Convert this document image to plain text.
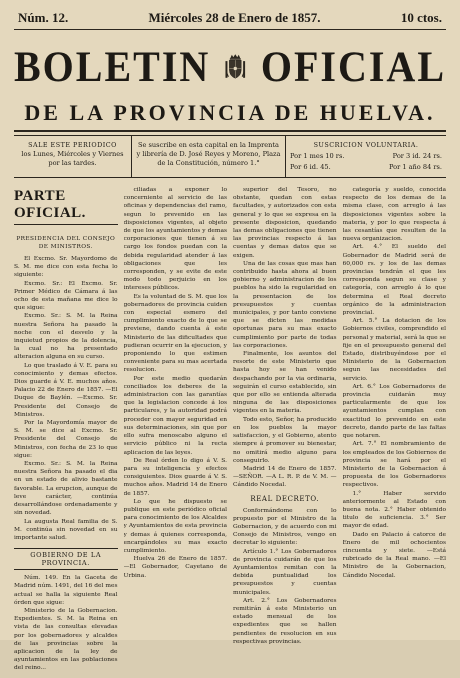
Núm. 12.	Miércoles 28 de Enero de 1857.	10 ctos.
BOLETIN OFICIAL
DE LA PROVINCIA DE HUELVA.
SALE ESTE PERIODICO
los Lunes, Miércoles y Viernes por las tardes.
Se suscribe en esta capital en la Imprenta y librería de D. José Reyes y Moreno, Plaza de la Constitución, número 1.°
SUSCRICION VOLUNTARIA.
Por 1 mes 10 rs.	Por 3 id. 24 rs.
Por 6 id. 45.	Por 1 año 84 rs.
PARTE OFICIAL.
PRESIDENCIA DEL CONSEJO DE MINISTROS.

El Excmo. Sr. Mayordomo de S. M. me dice con esta fecha lo siguiente:

Excmo. Sr.: El Excmo. Sr. Primer Médico de Cámara á las ocho de esta mañana me dice lo que sigue:

Excmo. Sr.: S. M. la Reina nuestra Señora ha pasado la noche con el desvelo y la inquietud propios de la dolencia, la cual no ha presentado alteracion alguna en su curso.

Lo que traslado á V. E. para su conocimiento y demas efectos. Dios guarde á V. E. muchos años. Palacio 22 de Enero de 1857. —El Duque de Baylén. —Excmo. Sr. Presidente del Consejo de Ministros.

Por la Mayordomía mayor de S. M. se dice al Excmo. Sr. Presidente del Consejo de Ministros, con fecha de 23 lo que sigue:

Excmo. Sr.: S. M. la Reina nuestra Señora ha pasado el dia en un estado de alivio bastante favorable. La erupcion, aunque de leve carácter, continúa desarrollándose ordenadamente y sin novedad.

La augusta Real familia de S. M. continúa sin novedad en su importante salud.

GOBIERNO DE LA PROVINCIA.

Núm. 149. En la Gaceta de Madrid núm. 1491, del 16 del mes actual se halla la siguiente Real órden que sigue:

Ministerio de la Gobernacion. Expedientes. S. M. la Reina en vista de las consultas elevadas por los gobernadores y alcaldes de las provincias sobre la aplicacion de la ley de ayuntamientos en las poblaciones del reino...

ciliadas a exponer lo concerniente al servicio de las oficinas y dependencias del ramo, segun lo prevenido en las disposiciones vigentes, al objeto de que los ayuntamientos y demas corporaciones que tienen á su cargo los fondos puedan con la debida regularidad atender á las obligaciones que les corresponden, y se evite de este modo todo perjuicio en los intereses públicos.

Es la voluntad de S. M. que los gobernadores de provincia cuiden con especial esmero del cumplimiento exacto de lo que se previene, dando cuenta á este Ministerio de las dificultades que pudieran ocurrir en la ejecucion, y proponiendo lo que estimen conveniente para su mas acertada resolucion.

Por este medio quedarán conciliados los deberes de la administracion con las garantías que la legislacion concede á los particulares, y la autoridad podrá proceder con mayor seguridad en sus determinaciones, sin que por ello sufra menoscabo alguno el servicio público ni la recta aplicacion de las leyes.

De Real órden lo digo á V. S. para su inteligencia y efectos consiguientes. Dios guarde á V. S. muchos años. Madrid 14 de Enero de 1857.

Lo que he dispuesto se publique en este periódico oficial para conocimiento de los Alcaldes y Ayuntamientos de esta provincia y demas á quienes corresponda, encargándoles su mas exacto cumplimiento.

Huelva 26 de Enero de 1857. —El Gobernador, Cayetano de Urbina.

superior del Tesoro, no obstante, quedan con estas facultades, y autorizados con esta general y lo que se expresa en la presente disposicion, quedando las demas obligaciones que tienen las provincias respecto á las cuentas y demas datos que se exigen.

Una de las cosas que mas han contribuido hasta ahora al buen gobierno y administracion de los pueblos ha sido la regularidad en la presentacion de los presupuestos y cuentas municipales, y por tanto conviene que se dicten las medidas oportunas para su mas exacto cumplimiento por parte de todas las corporaciones.

Finalmente, los asuntos del resorte de este Ministerio que hasta hoy se han venido despachando por la via ordinaria, seguirán el curso establecido, sin que por ello se entienda alterada ninguna de las disposiciones vigentes en la materia.

Todo esto, Señor, ha producido en los pueblos la mayor satisfaccion, y el Gobierno, atento siempre á promover su bienestar, no omitirá medio alguno para conseguirlo.

Madrid 14 de Enero de 1857. —SEÑOR. —A L. R. P. de V. M. —Cándido Nocedal.

REAL DECRETO.

Conformándome con lo propuesto por el Ministro de la Gobernacion, y de acuerdo con mi Consejo de Ministros, vengo en decretar lo siguiente:

Artículo 1.° Los Gobernadores de provincia cuidarán de que los Ayuntamientos remitan con la debida puntualidad los presupuestos y cuentas municipales.

Art. 2.° Los Gobernadores remitirán á este Ministerio un estado mensual de los expedientes que se hallen pendientes de resolucion en sus respectivas provincias.

categoría y sueldo, conocida respecto de los demas de la misma clase, con arreglo á las disposiciones vigentes sobre la materia, y por lo que respecta á las cesantías que resulten de la nueva organizacion.

Art. 4.° El sueldo del Gobernador de Madrid será de 60,000 rs. y los de las demas provincias tendrán el que les corresponda segun su clase y categoría, con arreglo á lo que determina el Real decreto orgánico de la administracion provincial.

Art. 5.° La dotacion de los Gobiernos civiles, comprendido el personal y material, será la que se fije en el presupuesto general del Estado, distribuyéndose por el Ministerio de la Gobernacion segun las necesidades del servicio.

Art. 6.° Los Gobernadores de provincia cuidarán muy particularmente de que los ayuntamientos cumplan con exactitud lo prevenido en este decreto, dando parte de las faltas que notaren.

Art. 7.° El nombramiento de los empleados de los Gobiernos de provincia se hará por el Ministerio de la Gobernacion á propuesta de los Gobernadores respectivos.

1.° Haber servido anteriormente al Estado con buena nota. 2.° Haber obtenido titulo de suficiencia. 3.° Ser mayor de edad.

Dado en Palacio á catorce de Enero de mil ochocientos cincuenta y siete. —Está rubricado de la Real mano. —El Ministro de la Gobernacion, Cándido Nocedal.
